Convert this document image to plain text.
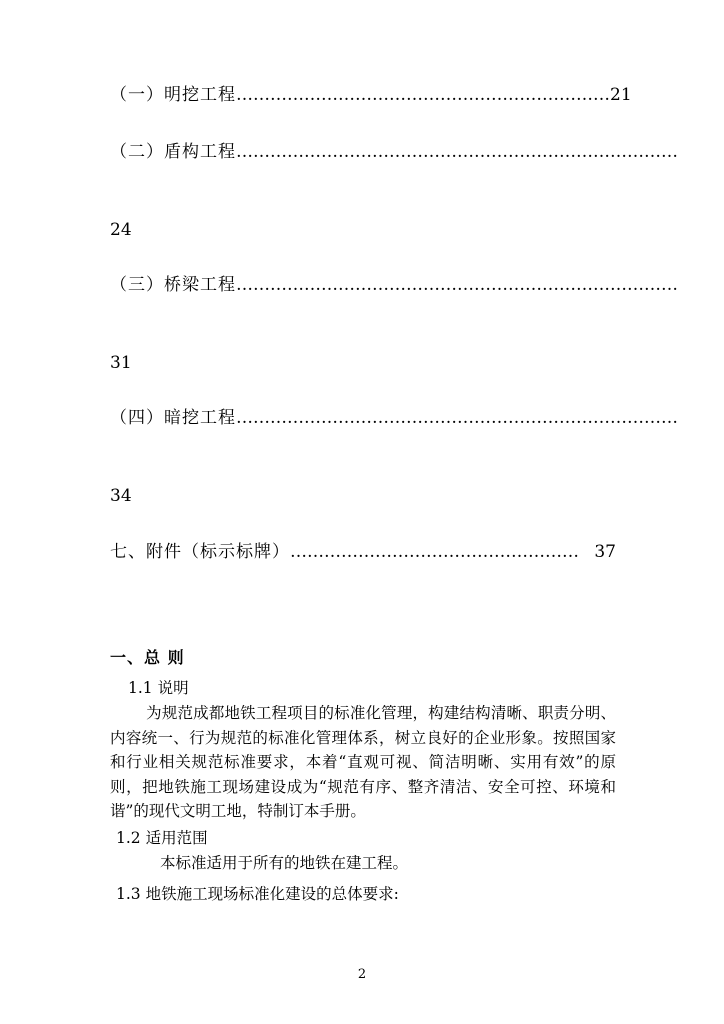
（一）明挖工程 ………………………………………………………… 21
（二）盾构工程 ……………………………………………………………………
24
（三）桥梁工程 ……………………………………………………………………
31
（四）暗挖工程 ……………………………………………………………………
34
七、附件（标示标牌） …………………………………………… 37
一、总 则
1.1 说明
为规范成都地铁工程项目的标准化管理，构建结构清晰、职责分明、内容统一、行为规范的标准化管理体系，树立良好的企业形象。按照国家和行业相关规范标准要求，本着“直观可视、简洁明晰、实用有效”的原则，把地铁施工现场建设成为“规范有序、整齐清洁、安全可控、环境和谐”的现代文明工地，特制订本手册。
1.2 适用范围
本标准适用于所有的地铁在建工程。
1.3 地铁施工现场标准化建设的总体要求:
2
